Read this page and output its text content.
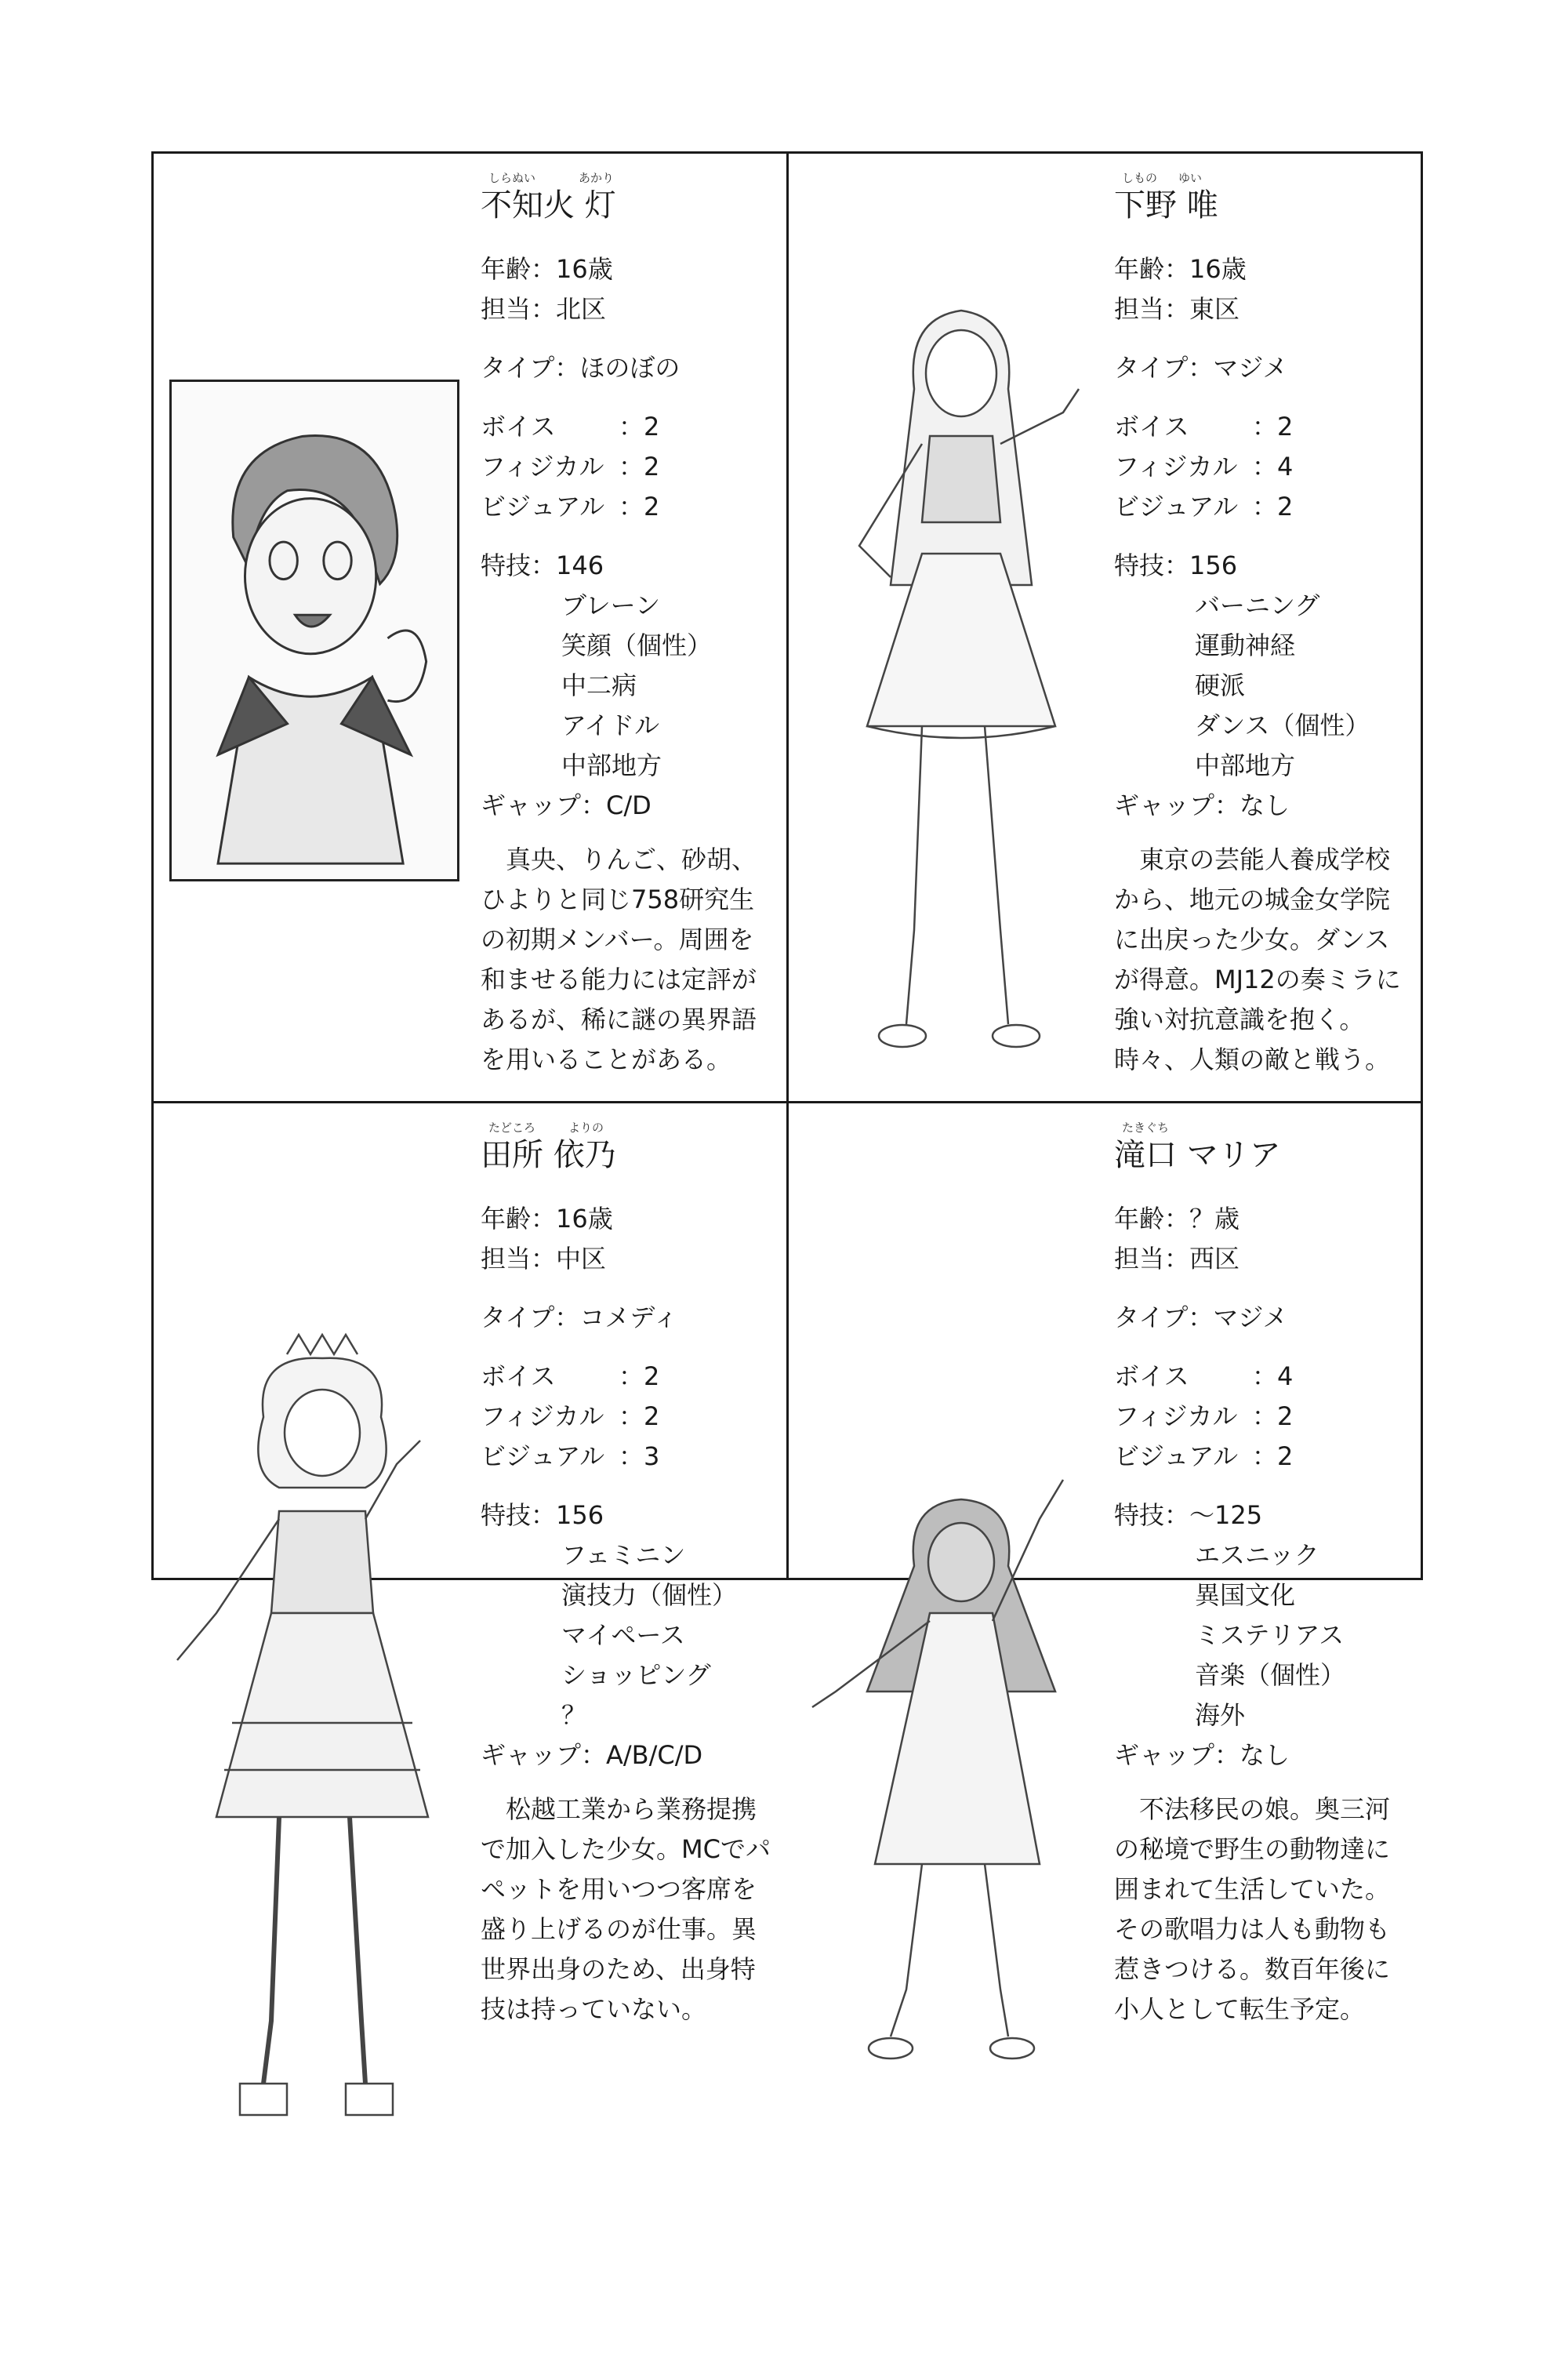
しらぬい	あかり
不知火 灯
年齢：16歳
担当：北区
タイプ：ほのぼの
ボイス	：2
フィジカル ：2
ビジュアル ：2
特技：146
ブレーン
笑顔（個性）
中二病
アイドル
中部地方
ギャップ：C/D
真央、りんご、砂胡、ひよりと同じ758研究生の初期メンバー。周囲を和ませる能力には定評があるが、稀に謎の異界語を用いることがある。
しもの ゆい
下野 唯
年齢：16歳
担当：東区
タイプ：マジメ
ボイス	：2
フィジカル ：4
ビジュアル ：2
特技：156
バーニング
運動神経
硬派
ダンス（個性）
中部地方
ギャップ：なし
東京の芸能人養成学校から、地元の城金女学院に出戻った少女。ダンスが得意。MJ12の奏ミラに強い対抗意識を抱く。時々、人類の敵と戦う。
たどころ	よりの
田所 依乃
年齢：16歳
担当：中区
タイプ：コメディ
ボイス	：2
フィジカル ：2
ビジュアル ：3
特技：156
フェミニン
演技力（個性）
マイペース
ショッピング
？
ギャップ：A/B/C/D
松越工業から業務提携で加入した少女。MCでパペットを用いつつ客席を盛り上げるのが仕事。異世界出身のため、出身特技は持っていない。
たきぐち
滝口 マリア
年齢：？歳
担当：西区
タイプ：マジメ
ボイス	：4
フィジカル ：2
ビジュアル ：2
特技：～125
エスニック
異国文化
ミステリアス
音楽（個性）
海外
ギャップ：なし
不法移民の娘。奥三河の秘境で野生の動物達に囲まれて生活していた。その歌唱力は人も動物も惹きつける。数百年後に小人として転生予定。
